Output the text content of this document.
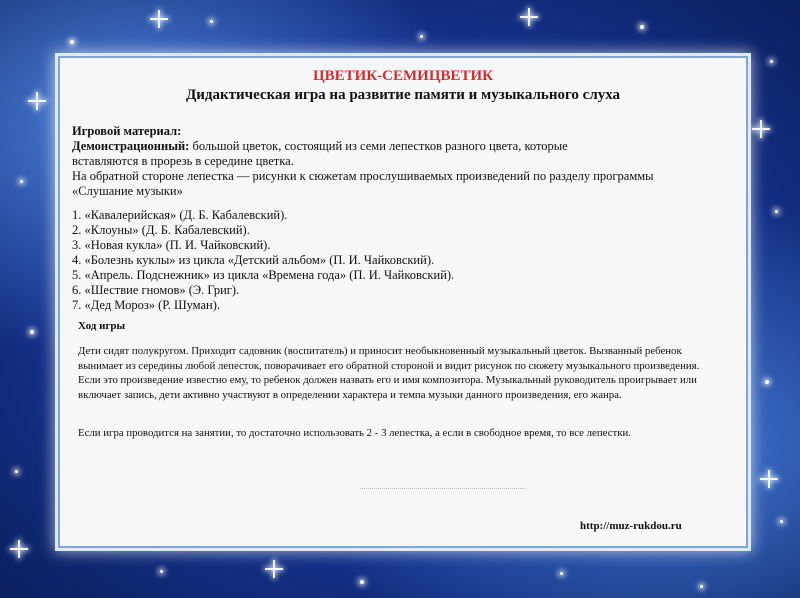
ЦВЕТИК-СЕМИЦВЕТИК
Дидактическая игра на развитие памяти и музыкального слуха
Игровой материал:
Демонстрационный: большой цветок, состоящий из семи лепестков разного цвета, которые
вставляются в прорезь в середине цветка.
На обратной стороне лепестка — рисунки к сюжетам прослушиваемых произведений по разделу программы
«Слушание музыки»
1. «Кавалерийская» (Д. Б. Кабалевский).
2. «Клоуны» (Д. Б. Кабалевский).
3. «Новая кукла» (П. И. Чайковский).
4. «Болезнь куклы» из цикла «Детский альбом» (П. И. Чайковский).
5. «Апрель. Подснежник» из цикла «Времена года» (П. И. Чайковский).
6. «Шествие гномов» (Э. Григ).
7. «Дед Мороз» (Р. Шуман).
Ход игры
Дети сидят полукругом. Приходит садовник (воспитатель) и приносит необыкновенный музыкальный цветок. Вызванный ребенок вынимает из середины любой лепесток, поворачивает его обратной стороной и видит рисунок по сюжету музыкального произведения. Если это произведение известно ему, то ребенок должен назвать его и имя композитора. Музыкальный руководитель проигрывает или включает запись, дети активно участвуют в определении характера и темпа музыки данного произведения, его жанра.
Если игра проводится на занятии, то достаточно использовать 2 - 3 лепестка, а если в свободное время, то все лепестки.
http://muz-rukdou.ru
